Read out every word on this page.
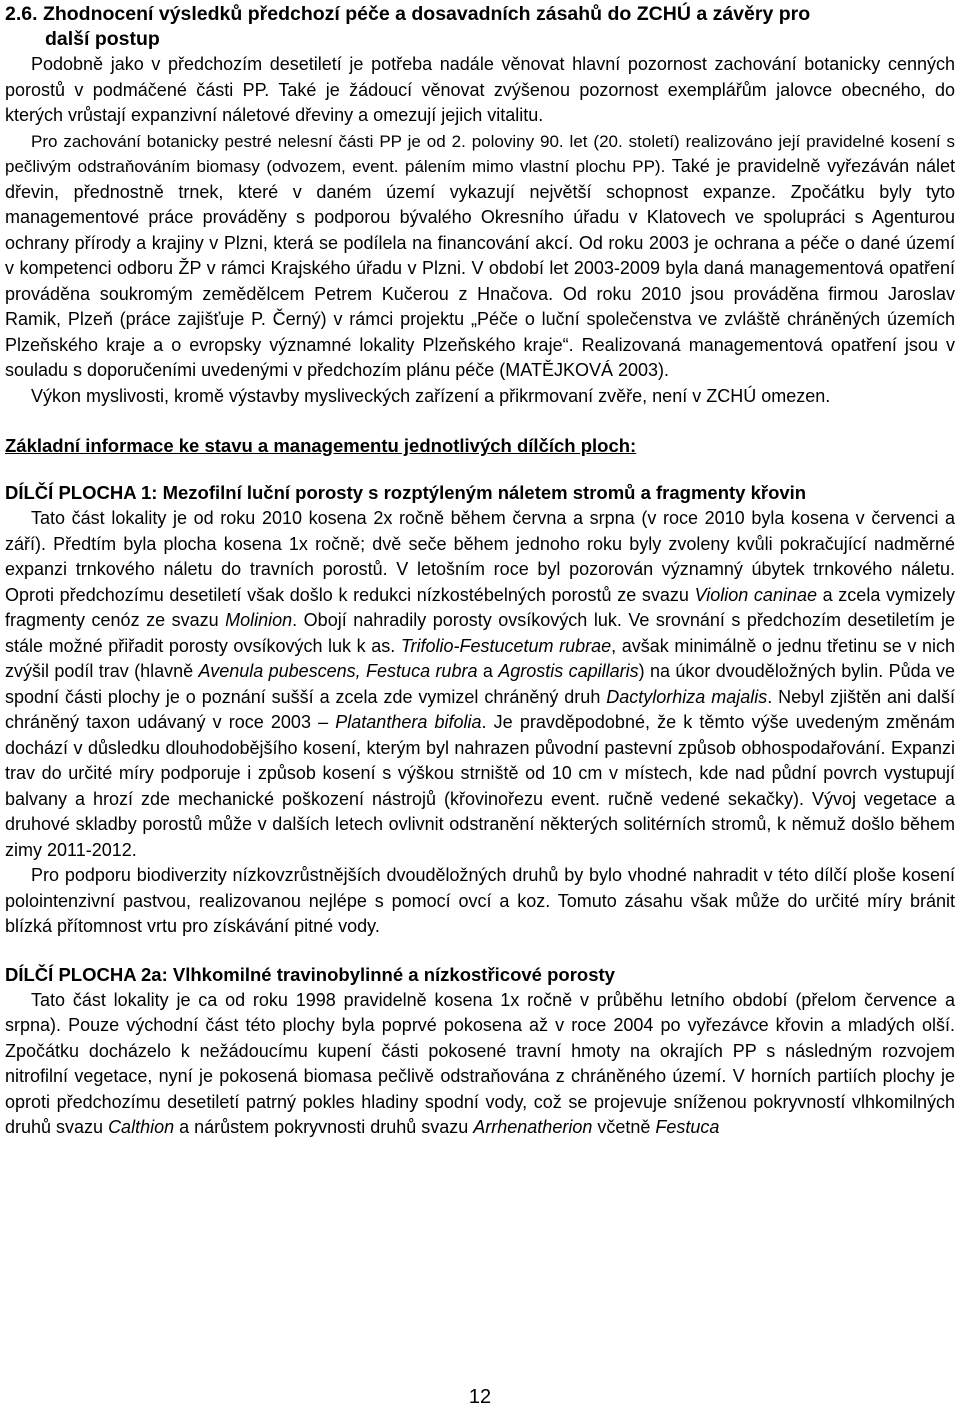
2.6. Zhodnocení výsledků předchozí péče a dosavadních zásahů do ZCHÚ a závěry pro
další postup

Podobně jako v předchozím desetiletí je potřeba nadále věnovat hlavní pozornost zachování botanicky cenných porostů v podmáčené části PP. Také je žádoucí věnovat zvýšenou pozornost exemplářům jalovce obecného, do kterých vrůstají expanzivní náletové dřeviny a omezují jejich vitalitu.

Pro zachování botanicky pestré nelesní části PP je od 2. poloviny 90. let (20. století) realizováno její pravidelné kosení s pečlivým odstraňováním biomasy (odvozem, event. pálením mimo vlastní plochu PP). Také je pravidelně vyřezáván nálet dřevin, přednostně trnek, které v daném území vykazují největší schopnost expanze. Zpočátku byly tyto managementové práce prováděny s podporou bývalého Okresního úřadu v Klatovech ve spolupráci s Agenturou ochrany přírody a krajiny v Plzni, která se podílela na financování akcí. Od roku 2003 je ochrana a péče o dané území v kompetenci odboru ŽP v rámci Krajského úřadu v Plzni. V období let 2003-2009 byla daná managementová opatření prováděna soukromým zemědělcem Petrem Kučerou z Hnačova. Od roku 2010 jsou prováděna firmou Jaroslav Ramik, Plzeň (práce zajišťuje P. Černý) v rámci projektu „Péče o luční společenstva ve zvláště chráněných územích Plzeňského kraje a o evropsky významné lokality Plzeňského kraje“. Realizovaná managementová opatření jsou v souladu s doporučeními uvedenými v předchozím plánu péče (MATĚJKOVÁ 2003).

Výkon myslivosti, kromě výstavby mysliveckých zařízení a přikrmovaní zvěře, není v ZCHÚ omezen.

Základní informace ke stavu a managementu jednotlivých dílčích ploch:

DÍLČÍ PLOCHA 1: Mezofilní luční porosty s rozptýleným náletem stromů a fragmenty křovin

Tato část lokality je od roku 2010 kosena 2x ročně během června a srpna (v roce 2010 byla kosena v červenci a září). Předtím byla plocha kosena 1x ročně; dvě seče během jednoho roku byly zvoleny kvůli pokračující nadměrné expanzi trnkového náletu do travních porostů. V letošním roce byl pozorován významný úbytek trnkového náletu. Oproti předchozímu desetiletí však došlo k redukci nízkostébelných porostů ze svazu Violion caninae a zcela vymizely fragmenty cenóz ze svazu Molinion. Obojí nahradily porosty ovsíkových luk. Ve srovnání s předchozím desetiletím je stále možné přiřadit porosty ovsíkových luk k as. Trifolio-Festucetum rubrae, avšak minimálně o jednu třetinu se v nich zvýšil podíl trav (hlavně Avenula pubescens, Festuca rubra a Agrostis capillaris) na úkor dvouděložných bylin. Půda ve spodní části plochy je o poznání sušší a zcela zde vymizel chráněný druh Dactylorhiza majalis. Nebyl zjištěn ani další chráněný taxon udávaný v roce 2003 – Platanthera bifolia. Je pravděpodobné, že k těmto výše uvedeným změnám dochází v důsledku dlouhodobějšího kosení, kterým byl nahrazen původní pastevní způsob obhospodařování. Expanzi trav do určité míry podporuje i způsob kosení s výškou strniště od 10 cm v místech, kde nad půdní povrch vystupují balvany a hrozí zde mechanické poškození nástrojů (křovinořezu event. ručně vedené sekačky). Vývoj vegetace a druhové skladby porostů může v dalších letech ovlivnit odstranění některých solitérních stromů, k němuž došlo během zimy 2011-2012.

Pro podporu biodiverzity nízkovzrůstnějších dvouděložných druhů by bylo vhodné nahradit v této dílčí ploše kosení polointenzivní pastvou, realizovanou nejlépe s pomocí ovcí a koz. Tomuto zásahu však může do určité míry bránit blízká přítomnost vrtu pro získávání pitné vody.

DÍLČÍ PLOCHA 2a: Vlhkomilné travinobylinné a nízkostřicové porosty

Tato část lokality je ca od roku 1998 pravidelně kosena 1x ročně v průběhu letního období (přelom července a srpna). Pouze východní část této plochy byla poprvé pokosena až v roce 2004 po vyřezávce křovin a mladých olší. Zpočátku docházelo k nežádoucímu kupení části pokosené travní hmoty na okrajích PP s následným rozvojem nitrofilní vegetace, nyní je pokosená biomasa pečlivě odstraňována z chráněného území. V horních partiích plochy je oproti předchozímu desetiletí patrný pokles hladiny spodní vody, což se projevuje sníženou pokryvností vlhkomilných druhů svazu Calthion a nárůstem pokryvnosti druhů svazu Arrhenatherion včetně Festuca

12
